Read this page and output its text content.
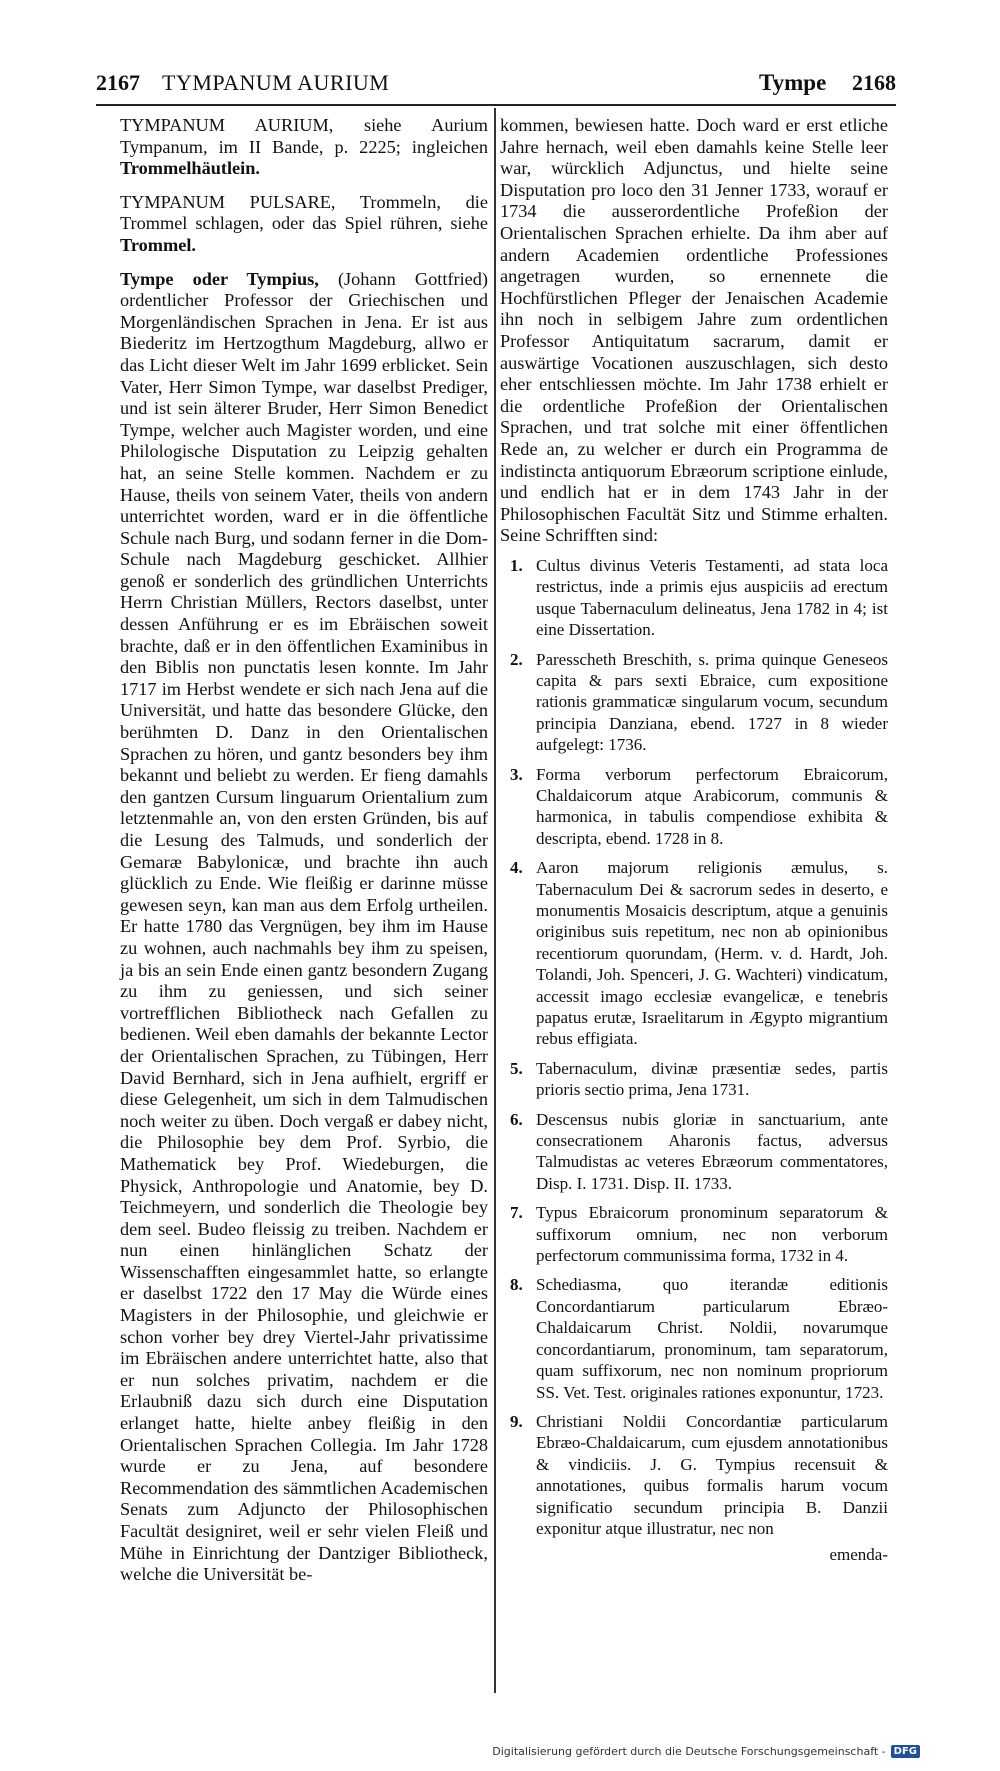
2167 TYMPANUM AURIUM	Tympe 2168

TYMPANUM AURIUM, siehe Aurium Tympanum, im II Bande, p. 2225; ingleichen Trommelhäutlein.

TYMPANUM PULSARE, Trommeln, die Trommel schlagen, oder das Spiel rühren, siehe Trommel.

Tympe oder Tympius, (Johann Gottfried) ordentlicher Professor der Griechischen und Morgenländischen Sprachen in Jena. Er ist aus Biederitz im Hertzogthum Magdeburg, allwo er das Licht dieser Welt im Jahr 1699 erblicket. Sein Vater, Herr Simon Tympe, war daselbst Prediger, und ist sein älterer Bruder, Herr Simon Benedict Tympe, welcher auch Magister worden, und eine Philologische Disputation zu Leipzig gehalten hat, an seine Stelle kommen. Nachdem er zu Hause, theils von seinem Vater, theils von andern unterrichtet worden, ward er in die öffentliche Schule nach Burg, und sodann ferner in die Dom-Schule nach Magdeburg geschicket. Allhier genoß er sonderlich des gründlichen Unterrichts Herrn Christian Müllers, Rectors daselbst, unter dessen Anführung er es im Ebräischen soweit brachte, daß er in den öffentlichen Examinibus in den Biblis non punctatis lesen konnte. Im Jahr 1717 im Herbst wendete er sich nach Jena auf die Universität, und hatte das besondere Glücke, den berühmten D. Danz in den Orientalischen Sprachen zu hören, und gantz besonders bey ihm bekannt und beliebt zu werden. Er fieng damahls den gantzen Cursum linguarum Orientalium zum letztenmahle an, von den ersten Gründen, bis auf die Lesung des Talmuds, und sonderlich der Gemaræ Babylonicæ, und brachte ihn auch glücklich zu Ende. Wie fleißig er darinne müsse gewesen seyn, kan man aus dem Erfolg urtheilen. Er hatte 1780 das Vergnügen, bey ihm im Hause zu wohnen, auch nachmahls bey ihm zu speisen, ja bis an sein Ende einen gantz besondern Zugang zu ihm zu geniessen, und sich seiner vortrefflichen Bibliotheck nach Gefallen zu bedienen. Weil eben damahls der bekannte Lector der Orientalischen Sprachen, zu Tübingen, Herr David Bernhard, sich in Jena aufhielt, ergriff er diese Gelegenheit, um sich in dem Talmudischen noch weiter zu üben. Doch vergaß er dabey nicht, die Philosophie bey dem Prof. Syrbio, die Mathematick bey Prof. Wiedeburgen, die Physick, Anthropologie und Anatomie, bey D. Teichmeyern, und sonderlich die Theologie bey dem seel. Budeo fleissig zu treiben. Nachdem er nun einen hinlänglichen Schatz der Wissenschafften eingesammlet hatte, so erlangte er daselbst 1722 den 17 May die Würde eines Magisters in der Philosophie, und gleichwie er schon vorher bey drey Viertel-Jahr privatissime im Ebräischen andere unterrichtet hatte, also that er nun solches privatim, nachdem er die Erlaubniß dazu sich durch eine Disputation erlanget hatte, hielte anbey fleißig in den Orientalischen Sprachen Collegia. Im Jahr 1728 wurde er zu Jena, auf besondere Recommendation des sämmtlichen Academischen Senats zum Adjuncto der Philosophischen Facultät designiret, weil er sehr vielen Fleiß und Mühe in Einrichtung der Dantziger Bibliotheck, welche die Universität be-

kommen, bewiesen hatte. Doch ward er erst etliche Jahre hernach, weil eben damahls keine Stelle leer war, würcklich Adjunctus, und hielte seine Disputation pro loco den 31 Jenner 1733, worauf er 1734 die ausserordentliche Profeßion der Orientalischen Sprachen erhielte. Da ihm aber auf andern Academien ordentliche Professiones angetragen wurden, so ernennete die Hochfürstlichen Pfleger der Jenaischen Academie ihn noch in selbigem Jahre zum ordentlichen Professor Antiquitatum sacrarum, damit er auswärtige Vocationen auszuschlagen, sich desto eher entschliessen möchte. Im Jahr 1738 erhielt er die ordentliche Profeßion der Orientalischen Sprachen, und trat solche mit einer öffentlichen Rede an, zu welcher er durch ein Programma de indistincta antiquorum Ebræorum scriptione einlude, und endlich hat er in dem 1743 Jahr in der Philosophischen Facultät Sitz und Stimme erhalten. Seine Schrifften sind:

1. Cultus divinus Veteris Testamenti, ad stata loca restrictus, inde a primis ejus auspiciis ad erectum usque Tabernaculum delineatus, Jena 1782 in 4; ist eine Dissertation.
2. Paresscheth Breschith, s. prima quinque Geneseos capita & pars sexti Ebraice, cum expositione rationis grammaticæ singularum vocum, secundum principia Danziana, ebend. 1727 in 8 wieder aufgelegt: 1736.
3. Forma verborum perfectorum Ebraicorum, Chaldaicorum atque Arabicorum, communis & harmonica, in tabulis compendiose exhibita & descripta, ebend. 1728 in 8.
4. Aaron majorum religionis æmulus, s. Tabernaculum Dei & sacrorum sedes in deserto, e monumentis Mosaicis descriptum, atque a genuinis originibus suis repetitum, nec non ab opinionibus recentiorum quorundam, (Herm. v. d. Hardt, Joh. Tolandi, Joh. Spenceri, J. G. Wachteri) vindicatum, accessit imago ecclesiæ evangelicæ, e tenebris papatus erutæ, Israelitarum in Ægypto migrantium rebus effigiata.
5. Tabernaculum, divinæ præsentiæ sedes, partis prioris sectio prima, Jena 1731.
6. Descensus nubis gloriæ in sanctuarium, ante consecrationem Aharonis factus, adversus Talmudistas ac veteres Ebræorum commentatores, Disp. I. 1731. Disp. II. 1733.
7. Typus Ebraicorum pronominum separatorum & suffixorum omnium, nec non verborum perfectorum communissima forma, 1732 in 4.
8. Schediasma, quo iterandæ editionis Concordantiarum particularum Ebræo-Chaldaicarum Christ. Noldii, novarumque concordantiarum, pronominum, tam separatorum, quam suffixorum, nec non nominum propriorum SS. Vet. Test. originales rationes exponuntur, 1723.
9. Christiani Noldii Concordantiæ particularum Ebræo-Chaldaicarum, cum ejusdem annotationibus & vindiciis. J. G. Tympius recensuit & annotationes, quibus formalis harum vocum significatio secundum principia B. Danzii exponitur atque illustratur, nec non
emenda-
Digitalisierung gefördert durch die Deutsche Forschungsgemeinschaft - DFG
